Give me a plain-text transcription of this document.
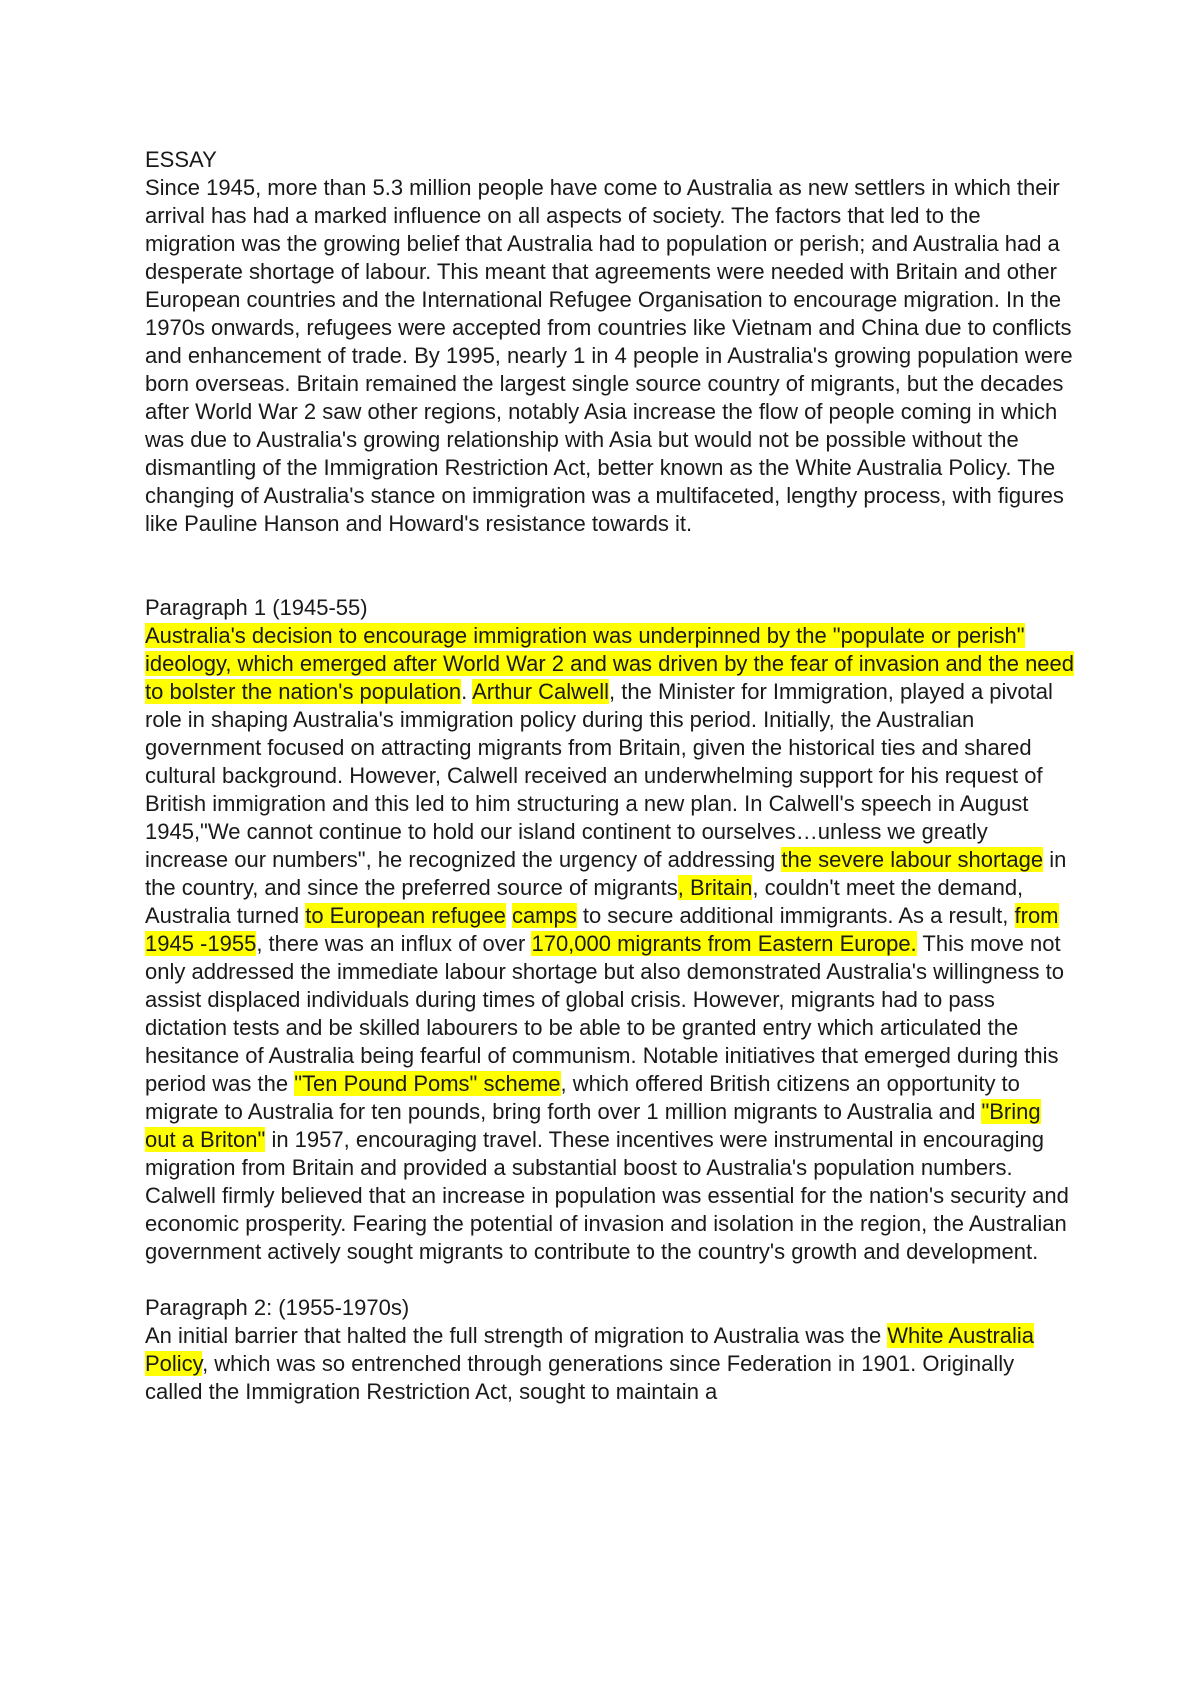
ESSAY

Since 1945, more than 5.3 million people have come to Australia as new settlers in which their arrival has had a marked influence on all aspects of society. The factors that led to the migration was the growing belief that Australia had to population or perish; and Australia had a desperate shortage of labour. This meant that agreements were needed with Britain and other European countries and the International Refugee Organisation to encourage migration. In the 1970s onwards, refugees were accepted from countries like Vietnam and China due to conflicts and enhancement of trade. By 1995, nearly 1 in 4 people in Australia's growing population were born overseas. Britain remained the largest single source country of migrants, but the decades after World War 2 saw other regions, notably Asia increase the flow of people coming in which was due to Australia's growing relationship with Asia but would not be possible without the dismantling of the Immigration Restriction Act, better known as the White Australia Policy. The changing of Australia's stance on immigration was a multifaceted, lengthy process, with figures like Pauline Hanson and Howard's resistance towards it.

Paragraph 1 (1945-55)

Australia's decision to encourage immigration was underpinned by the "populate or perish" ideology, which emerged after World War 2 and was driven by the fear of invasion and the need to bolster the nation's population. Arthur Calwell, the Minister for Immigration, played a pivotal role in shaping Australia's immigration policy during this period. Initially, the Australian government focused on attracting migrants from Britain, given the historical ties and shared cultural background. However, Calwell received an underwhelming support for his request of British immigration and this led to him structuring a new plan. In Calwell's speech in August 1945,"We cannot continue to hold our island continent to ourselves…unless we greatly increase our numbers", he recognized the urgency of addressing the severe labour shortage in the country, and since the preferred source of migrants, Britain, couldn't meet the demand, Australia turned to European refugee camps to secure additional immigrants. As a result, from 1945 -1955, there was an influx of over 170,000 migrants from Eastern Europe. This move not only addressed the immediate labour shortage but also demonstrated Australia's willingness to assist displaced individuals during times of global crisis. However, migrants had to pass dictation tests and be skilled labourers to be able to be granted entry which articulated the hesitance of Australia being fearful of communism. Notable initiatives that emerged during this period was the "Ten Pound Poms" scheme, which offered British citizens an opportunity to migrate to Australia for ten pounds, bring forth over 1 million migrants to Australia and "Bring out a Briton" in 1957, encouraging travel. These incentives were instrumental in encouraging migration from Britain and provided a substantial boost to Australia's population numbers. Calwell firmly believed that an increase in population was essential for the nation's security and economic prosperity. Fearing the potential of invasion and isolation in the region, the Australian government actively sought migrants to contribute to the country's growth and development.

Paragraph 2: (1955-1970s)

An initial barrier that halted the full strength of migration to Australia was the White Australia Policy, which was so entrenched through generations since Federation in 1901. Originally called the Immigration Restriction Act, sought to maintain a
